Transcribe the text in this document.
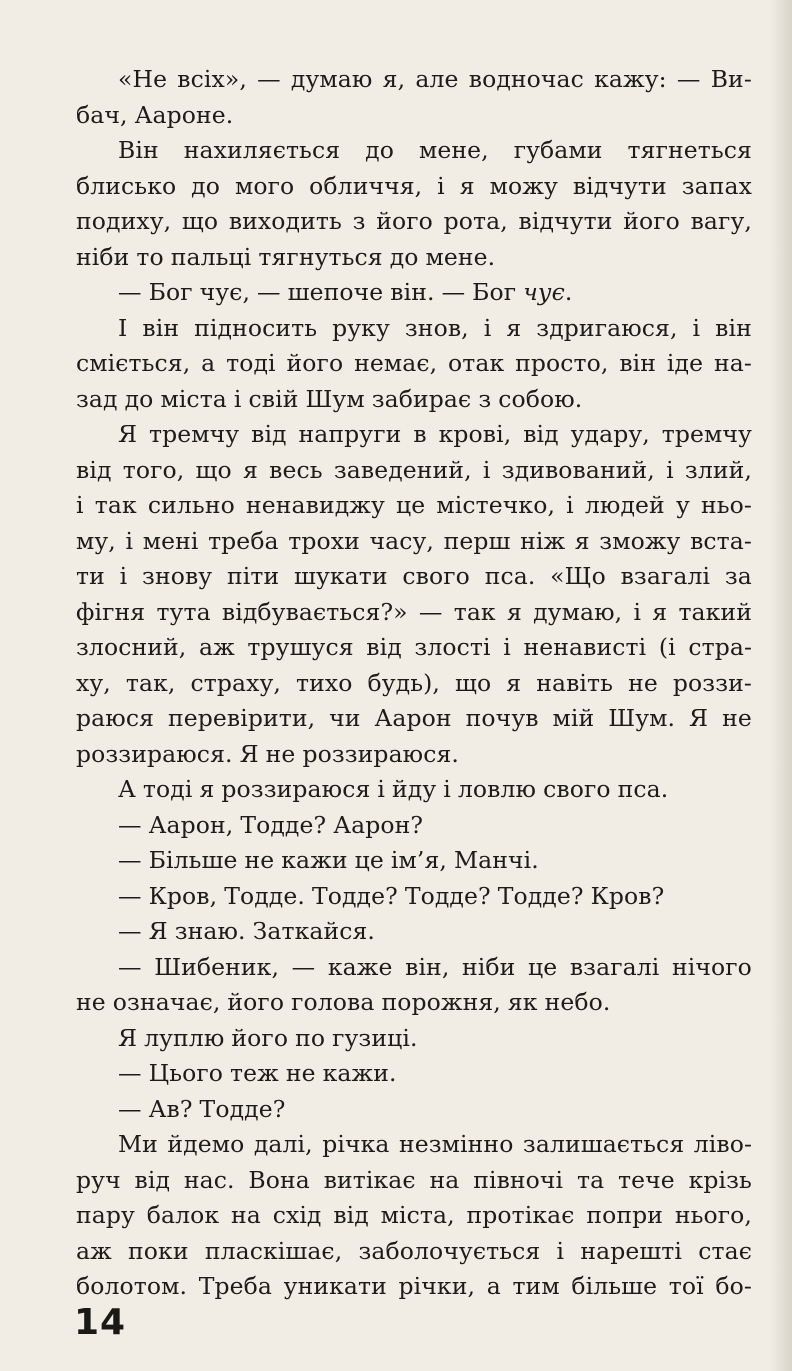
«Не всіх», — думаю я, але водночас кажу: — Ви-
бач, Аароне.
Він нахиляється до мене, губами тягнеться
блисько до мого обличчя, і я можу відчути запах
подиху, що виходить з його рота, відчути його вагу,
ніби то пальці тягнуться до мене.
— Бог чує, — шепоче він. — Бог чує.
І він підносить руку знов, і я здригаюся, і він
сміється, а тоді його немає, отак просто, він іде на-
зад до міста і свій Шум забирає з собою.
Я тремчу від напруги в крові, від удару, тремчу
від того, що я весь заведений, і здивований, і злий,
і так сильно ненавиджу це містечко, і людей у ньо-
му, і мені треба трохи часу, перш ніж я зможу вста-
ти і знову піти шукати свого пса. «Що взагалі за
фігня тута відбувається?» — так я думаю, і я такий
злосний, аж трушуся від злості і ненависті (і стра-
ху, так, страху, тихо будь), що я навіть не роззи-
раюся перевірити, чи Аарон почув мій Шум. Я не
роззираюся. Я не роззираюся.
А тоді я роззираюся і йду і ловлю свого пса.
— Аарон, Тодде? Аарон?
— Більше не кажи це ім’я, Манчі.
— Кров, Тодде. Тодде? Тодде? Тодде? Кров?
— Я знаю. Заткайся.
— Шибеник, — каже він, ніби це взагалі нічого
не означає, його голова порожня, як небо.
Я луплю його по гузиці.
— Цього теж не кажи.
— Ав? Тодде?
Ми йдемо далі, річка незмінно залишається ліво-
руч від нас. Вона витікає на півночі та тече крізь
пару балок на схід від міста, протікає попри нього,
аж поки пласкішає, заболочується і нарешті стає
болотом. Треба уникати річки, а тим більше тої бо-
14
